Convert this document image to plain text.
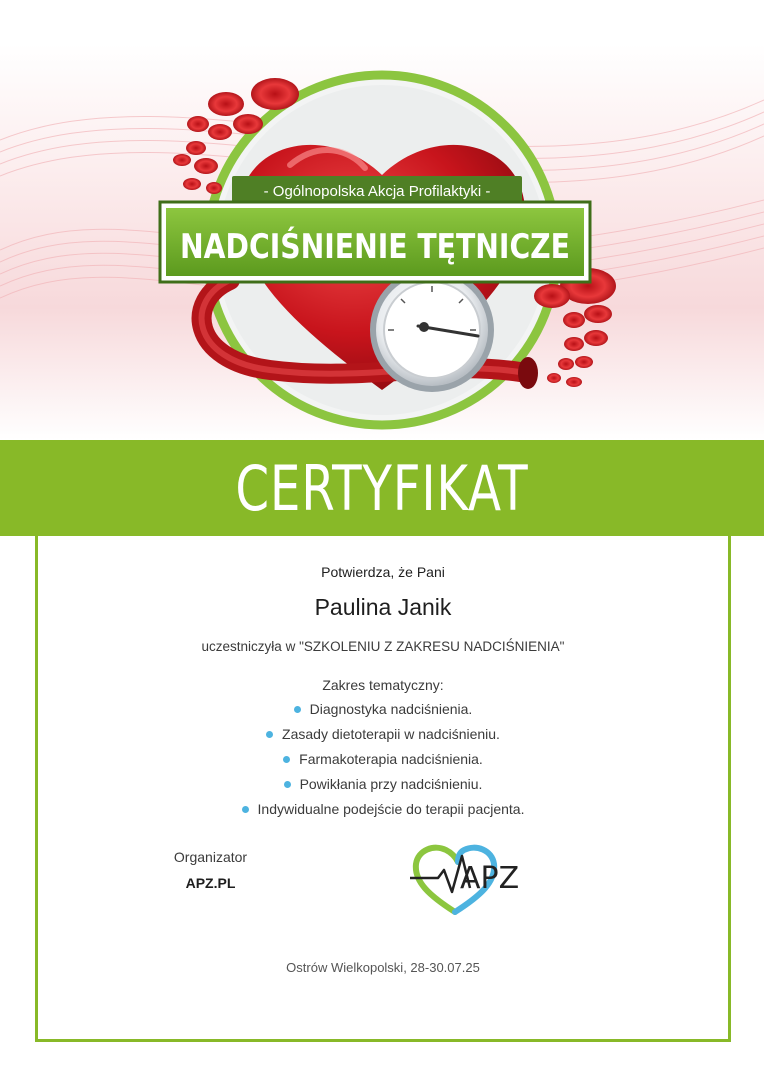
- Ogólnopolska Akcja Profilaktyki -
NADCIŚNIENIE TĘTNICZE
CERTYFIKAT
Potwierdza, że Pani
Paulina Janik
uczestniczyła w "SZKOLENIU Z ZAKRESU NADCIŚNIENIA"
Zakres tematyczny:
Diagnostyka nadciśnienia.
Zasady dietoterapii w nadciśnieniu.
Farmakoterapia nadciśnienia.
Powikłania przy nadciśnieniu.
Indywidualne podejście do terapii pacjenta.
Organizator
APZ.PL	APZ
Ostrów Wielkopolski, 28-30.07.25
